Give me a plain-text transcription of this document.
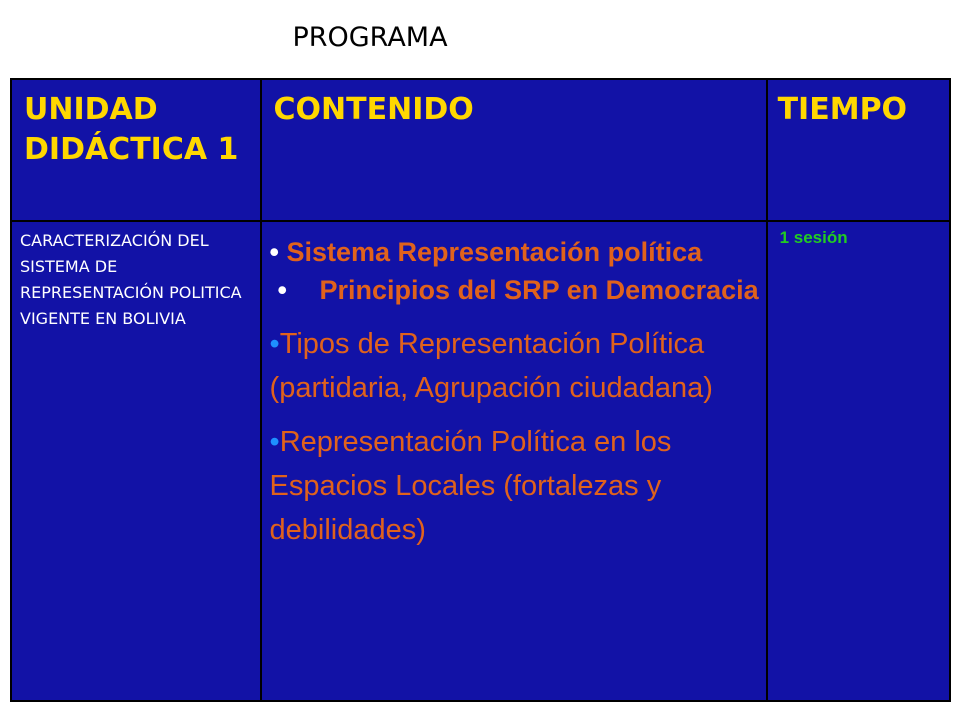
PROGRAMA
UNIDAD DIDÁCTICA 1	CONTENIDO	TIEMPO
CARACTERIZACIÓN DEL SISTEMA DE REPRESENTACIÓN POLITICA VIGENTE EN BOLIVIA	• Sistema Representación política
• Principios del SRP en Democracia
•Tipos de Representación Política (partidaria, Agrupación ciudadana)
•Representación Política en los Espacios Locales (fortalezas y debilidades)	1 sesión
